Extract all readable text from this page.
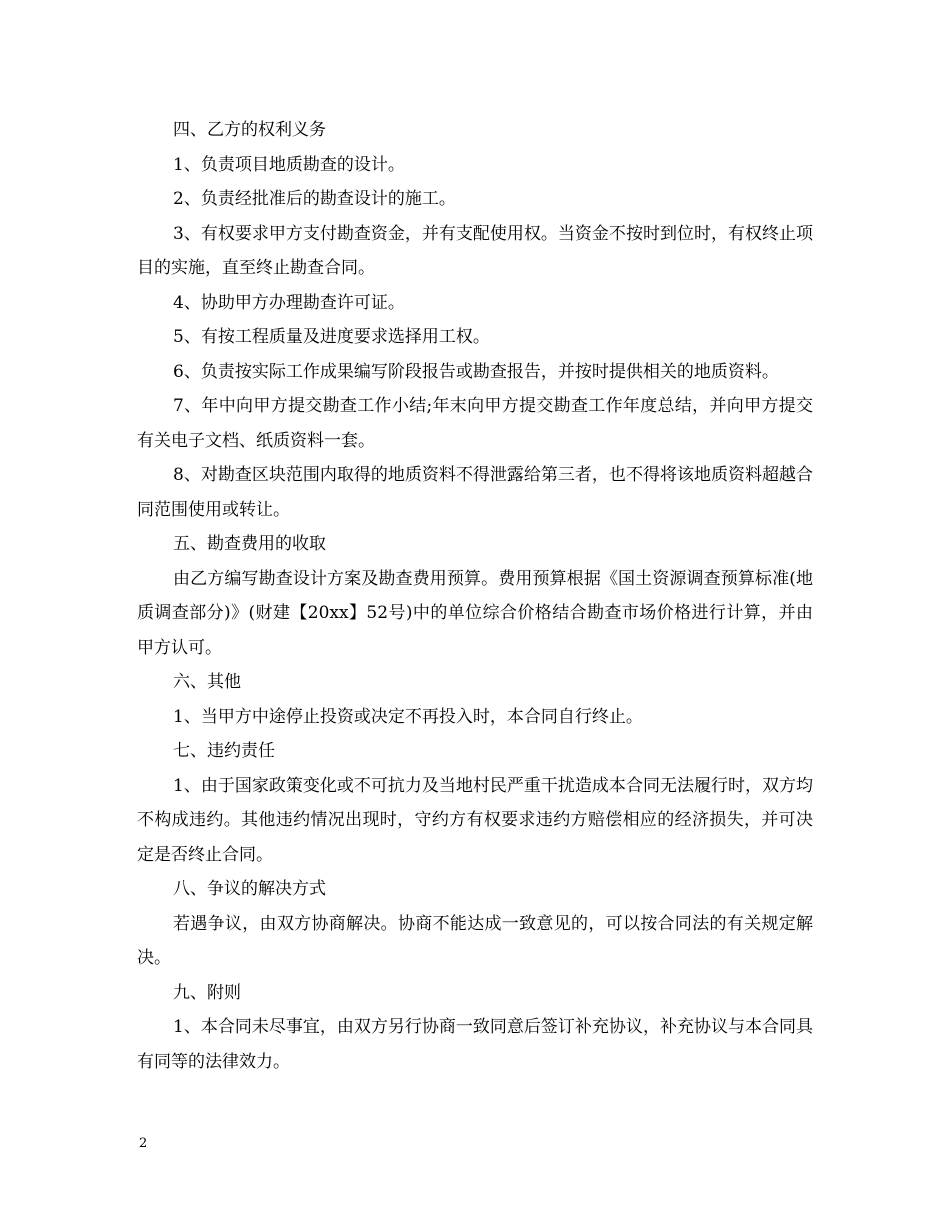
四、乙方的权利义务

1、负责项目地质勘查的设计。

2、负责经批准后的勘查设计的施工。

3、有权要求甲方支付勘查资金，并有支配使用权。当资金不按时到位时，有权终止项目的实施，直至终止勘查合同。

4、协助甲方办理勘查许可证。

5、有按工程质量及进度要求选择用工权。

6、负责按实际工作成果编写阶段报告或勘查报告，并按时提供相关的地质资料。

7、年中向甲方提交勘查工作小结;年末向甲方提交勘查工作年度总结，并向甲方提交有关电子文档、纸质资料一套。

8、对勘查区块范围内取得的地质资料不得泄露给第三者，也不得将该地质资料超越合同范围使用或转让。

五、勘查费用的收取

由乙方编写勘查设计方案及勘查费用预算。费用预算根据《国土资源调查预算标准(地质调查部分)》(财建【20xx】52号)中的单位综合价格结合勘查市场价格进行计算，并由甲方认可。

六、其他

1、当甲方中途停止投资或决定不再投入时，本合同自行终止。

七、违约责任

1、由于国家政策变化或不可抗力及当地村民严重干扰造成本合同无法履行时，双方均不构成违约。其他违约情况出现时，守约方有权要求违约方赔偿相应的经济损失，并可决定是否终止合同。

八、争议的解决方式

若遇争议，由双方协商解决。协商不能达成一致意见的，可以按合同法的有关规定解决。

九、附则

1、本合同未尽事宜，由双方另行协商一致同意后签订补充协议，补充协议与本合同具有同等的法律效力。

2
